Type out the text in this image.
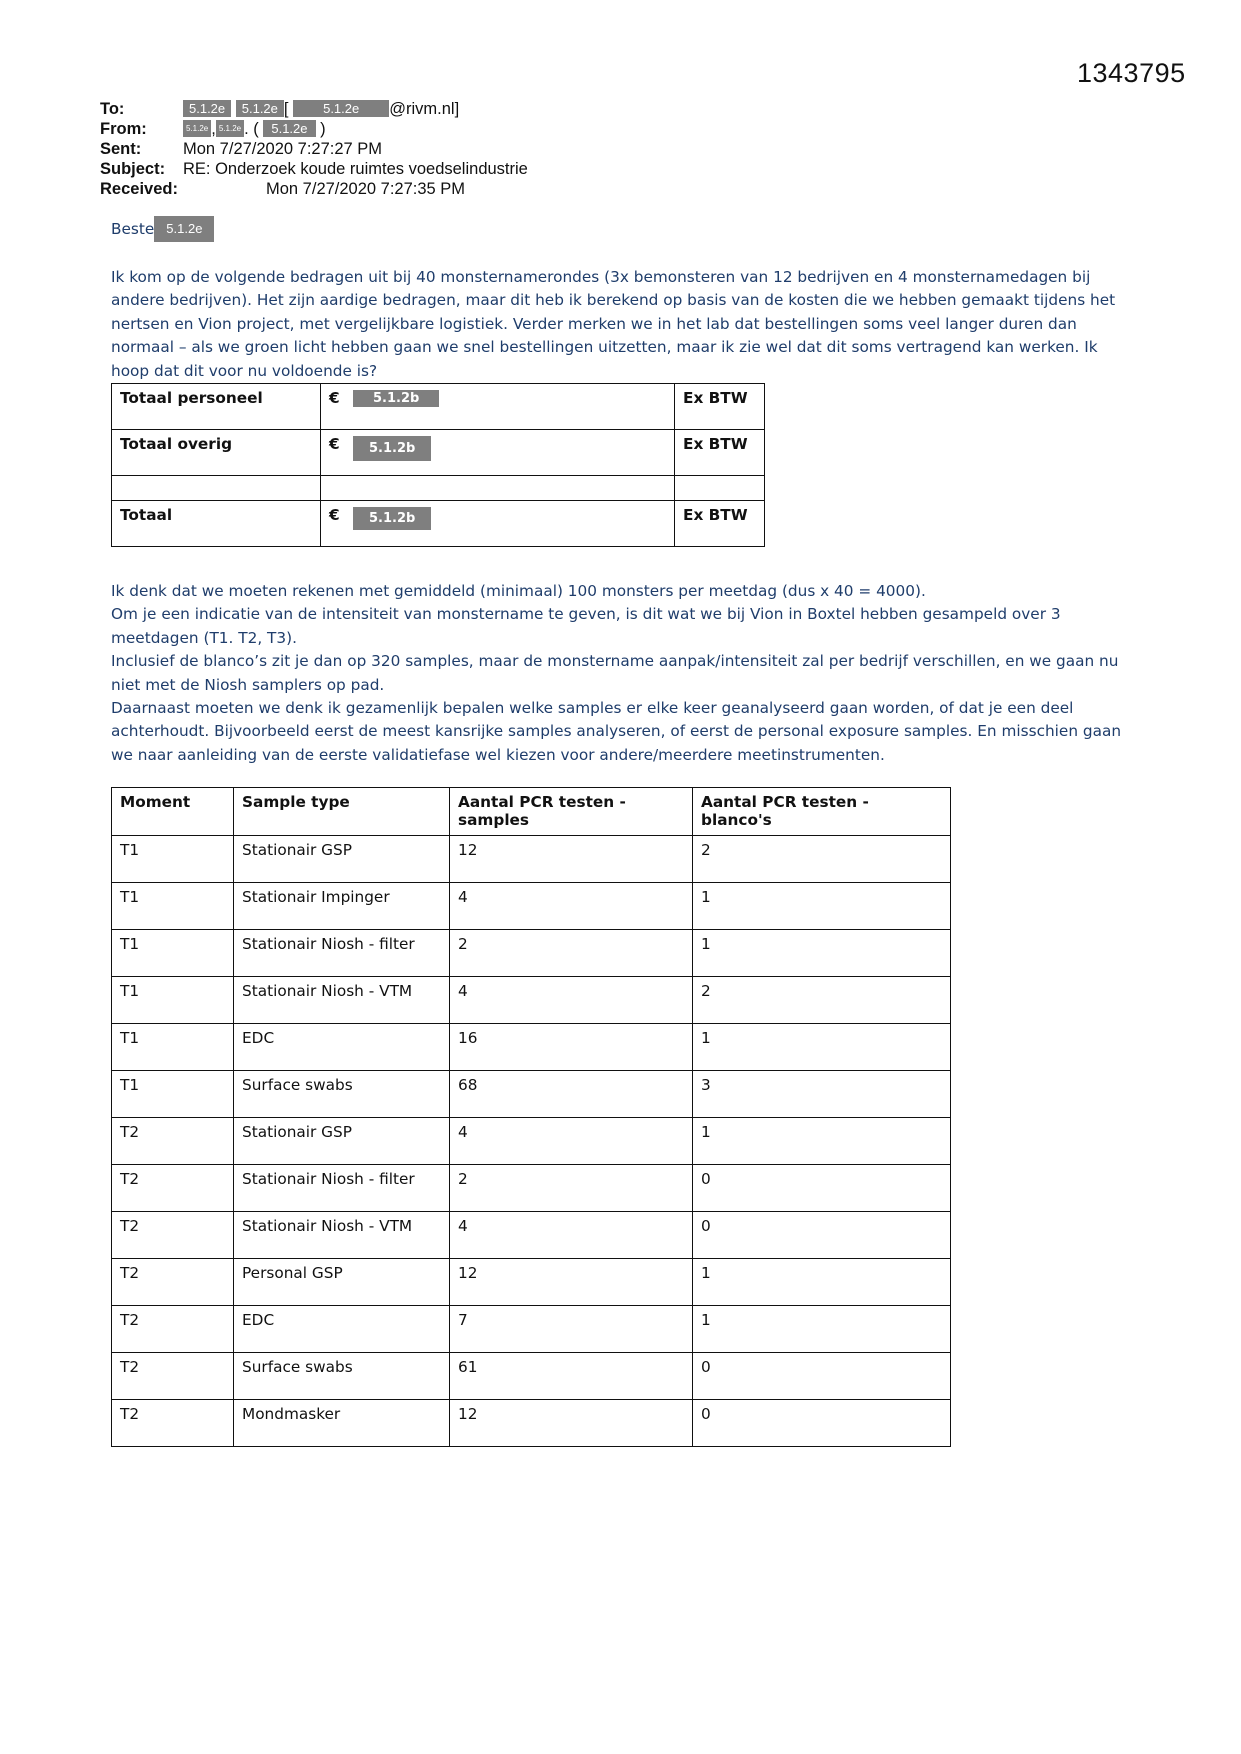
1343795
To:	5.1.2e 5.1.2e [	5.1.2e @rivm.nl]
From:	5.1.2e , 5.1.2e . ( 5.1.2e )
Sent:	Mon 7/27/2020 7:27:27 PM
Subject: RE: Onderzoek koude ruimtes voedselindustrie
Received:	Mon 7/27/2020 7:27:35 PM
Beste 5.1.2e
Ik kom op de volgende bedragen uit bij 40 monsternamerondes (3x bemonsteren van 12 bedrijven en 4 monsternamedagen bij andere bedrijven). Het zijn aardige bedragen, maar dit heb ik berekend op basis van de kosten die we hebben gemaakt tijdens het nertsen en Vion project, met vergelijkbare logistiek. Verder merken we in het lab dat bestellingen soms veel langer duren dan normaal – als we groen licht hebben gaan we snel bestellingen uitzetten, maar ik zie wel dat dit soms vertragend kan werken. Ik hoop dat dit voor nu voldoende is?
Totaal personeel	€ 5.1.2b	Ex BTW
Totaal overig	€ 5.1.2b	Ex BTW

Totaal	€ 5.1.2b	Ex BTW
Ik denk dat we moeten rekenen met gemiddeld (minimaal) 100 monsters per meetdag (dus x 40 = 4000).
Om je een indicatie van de intensiteit van monstername te geven, is dit wat we bij Vion in Boxtel hebben gesampeld over 3 meetdagen (T1. T2, T3).
Inclusief de blanco’s zit je dan op 320 samples, maar de monstername aanpak/intensiteit zal per bedrijf verschillen, en we gaan nu niet met de Niosh samplers op pad.
Daarnaast moeten we denk ik gezamenlijk bepalen welke samples er elke keer geanalyseerd gaan worden, of dat je een deel achterhoudt. Bijvoorbeeld eerst de meest kansrijke samples analyseren, of eerst de personal exposure samples. En misschien gaan we naar aanleiding van de eerste validatiefase wel kiezen voor andere/meerdere meetinstrumenten.
Moment	Sample type	Aantal PCR testen - samples	Aantal PCR testen - blanco's
T1	Stationair GSP	12	2
T1	Stationair Impinger	4	1
T1	Stationair Niosh - filter	2	1
T1	Stationair Niosh - VTM	4	2
T1	EDC	16	1
T1	Surface swabs	68	3
T2	Stationair GSP	4	1
T2	Stationair Niosh - filter	2	0
T2	Stationair Niosh - VTM	4	0
T2	Personal GSP	12	1
T2	EDC	7	1
T2	Surface swabs	61	0
T2	Mondmasker	12	0
